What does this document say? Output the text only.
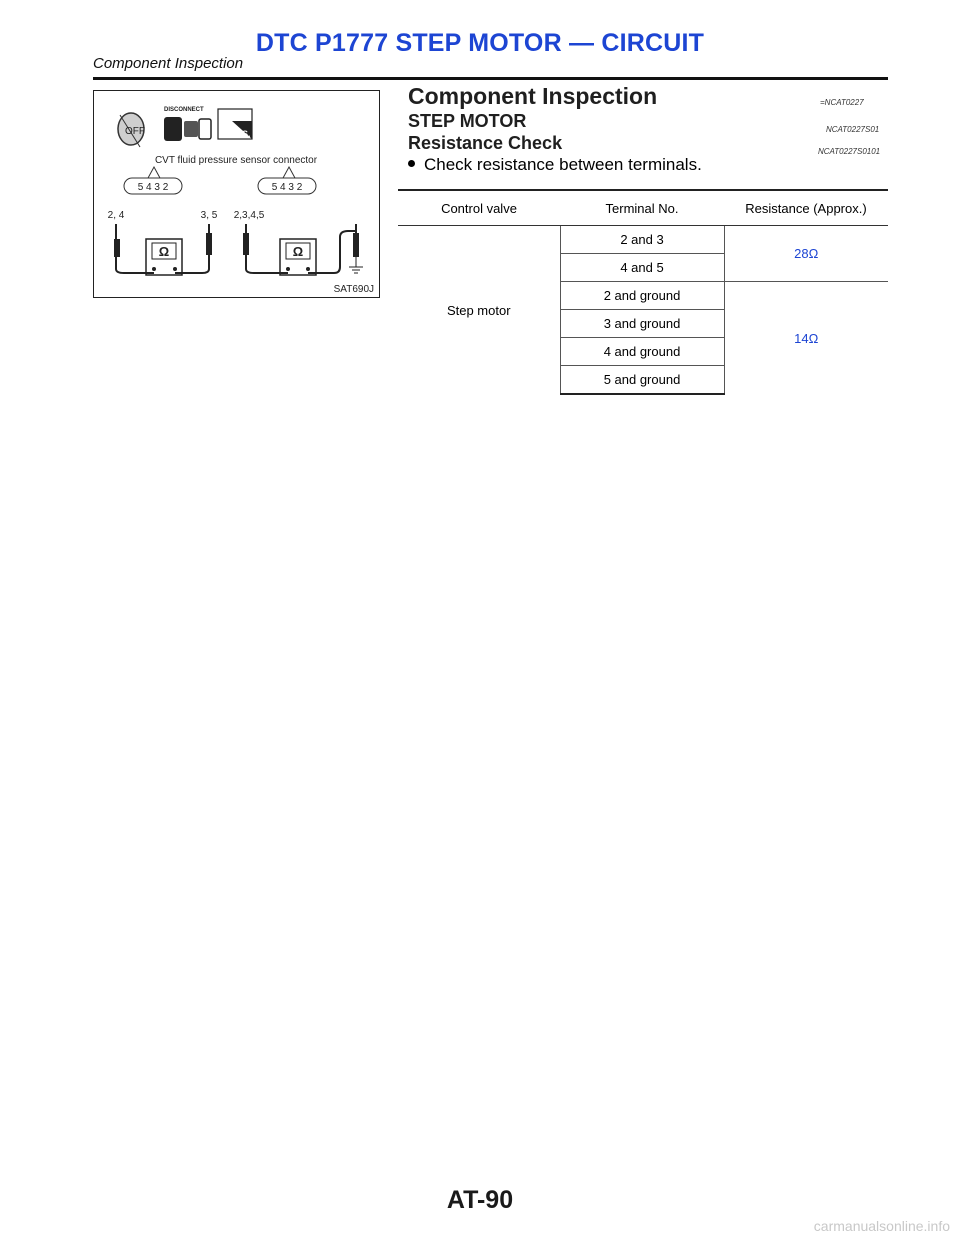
DTC P1777 STEP MOTOR — CIRCUIT
Component Inspection
OFF
DISCONNECT
T.S.
CVT fluid pressure sensor connector
5 4 3 2	5 4 3 2
2, 4	3, 5 2,3,4,5
Ω	Ω
SAT690J
Component Inspection	=NCAT0227
STEP MOTOR	NCAT0227S01
Resistance Check	NCAT0227S0101
Check resistance between terminals.
Control valve	Terminal No.	Resistance (Approx.)
Step motor	2 and 3	28Ω
	4 and 5	
	2 and ground	14Ω
	3 and ground	
	4 and ground	
	5 and ground	
AT-90
carmanualsonline.info
